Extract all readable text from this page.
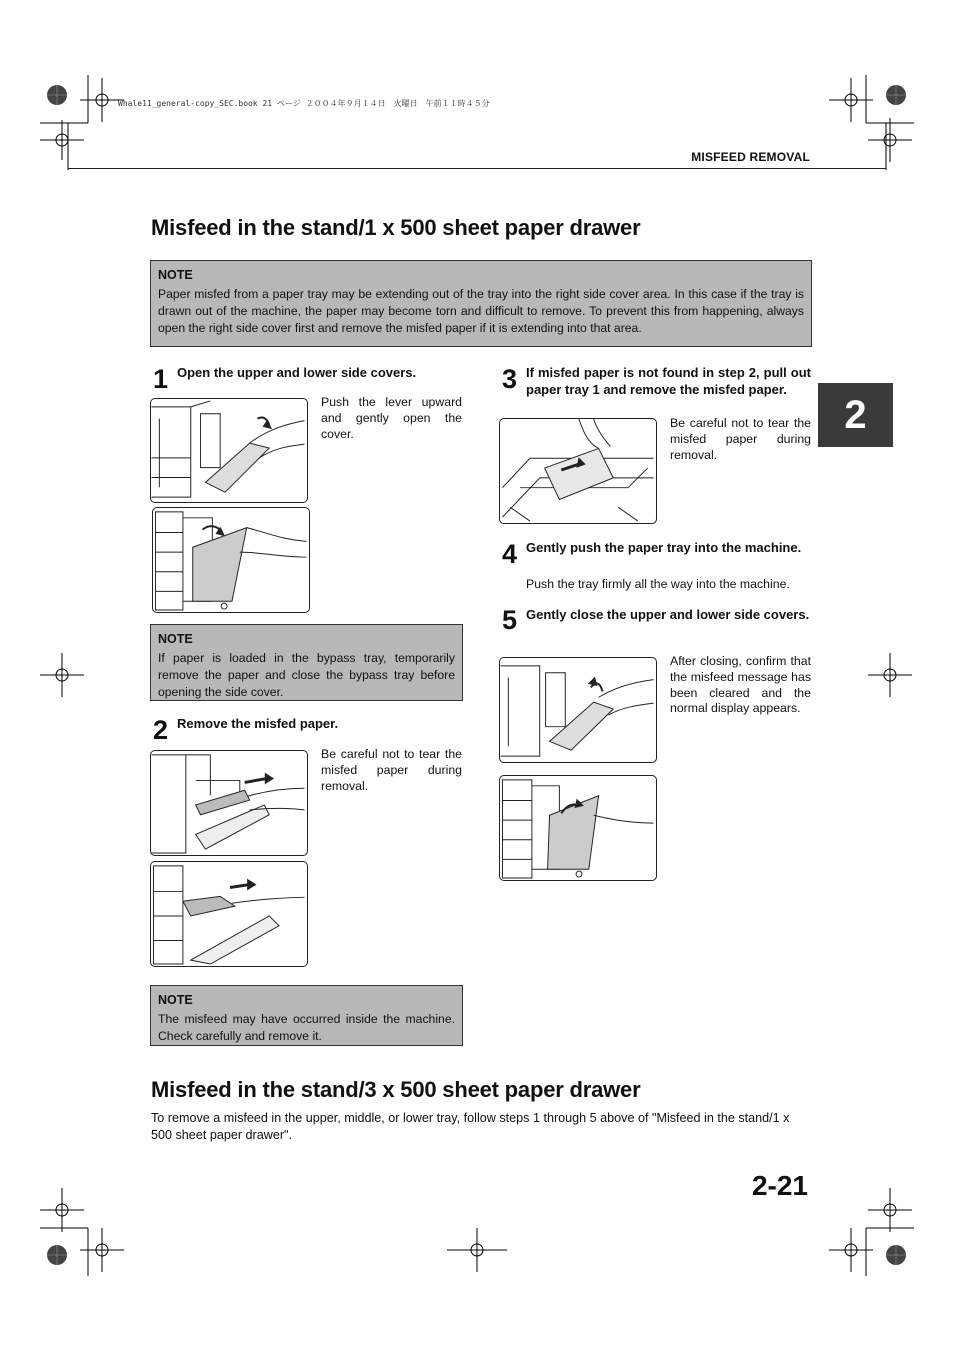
Whale11_general-copy_SEC.book 21 ページ ２００４年９月１４日　火曜日　午前１１時４５分
MISFEED REMOVAL
2
Misfeed in the stand/1 x 500 sheet paper drawer
NOTE
Paper misfed from a paper tray may be extending out of the tray into the right side cover area. In this case if the tray is drawn out of the machine, the paper may become torn and difficult to remove. To prevent this from happening, always open the right side cover first and remove the misfed paper if it is extending into that area.
1 Open the upper and lower side covers.
Push the lever upward and gently open the cover.
NOTE
If paper is loaded in the bypass tray, temporarily remove the paper and close the bypass tray before opening the side cover.
2 Remove the misfed paper.
Be careful not to tear the misfed paper during removal.
NOTE
The misfeed may have occurred inside the machine. Check carefully and remove it.
3 If misfed paper is not found in step 2, pull out paper tray 1 and remove the misfed paper.
Be careful not to tear the misfed paper during removal.
4 Gently push the paper tray into the machine.
Push the tray firmly all the way into the machine.
5 Gently close the upper and lower side covers.
After closing, confirm that the misfeed message has been cleared and the normal display appears.
Misfeed in the stand/3 x 500 sheet paper drawer
To remove a misfeed in the upper, middle, or lower tray, follow steps 1 through 5 above of "Misfeed in the stand/1 x 500 sheet paper drawer".
2-21
